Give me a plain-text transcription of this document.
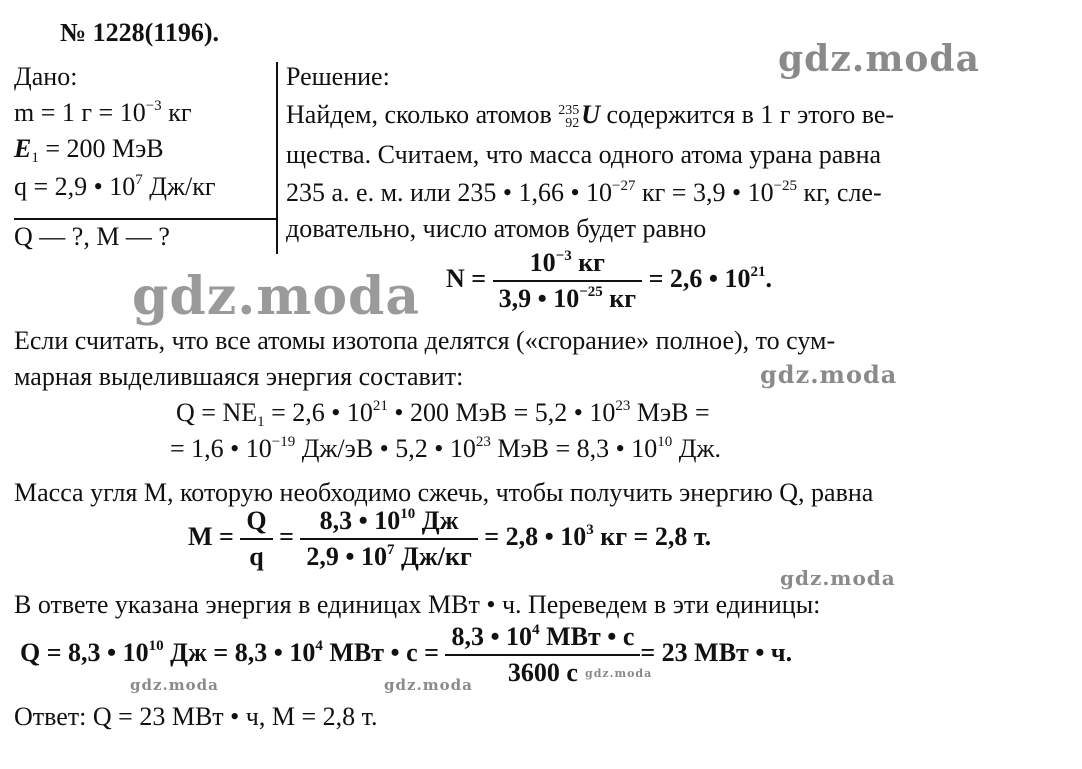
gdz.moda
gdz.moda
gdz.moda
gdz.moda
gdz.moda	gdz.moda
gdz.moda
№ 1228(1196).
Дано:
m = 1 $г = 10^{-3}$ кг
$E_1 = 200$ МэВ
q = 2,9 • $10^7$ Дж/кг
Q — ?, M — ?
Решение:
Найдем, сколько атомов 235
92 U содержится в 1 г этого ве-
щества. Считаем, что масса одного атома урана равна
235 а. е. м. или 235 • 1,66 • $10^{-27}$ кг = 3,9 • $10^{-25}$ кг, сле-
довательно, число атомов будет равно
$N = \frac{10^{-3} кг}{3,9 • 10^{-25} кг} = 2,6$ • $10^{21}$.
Если считать, что все атомы изотопа делятся («сгорание» полное), то сум-
марная выделившаяся энергия составит:
$Q = NE_1 = 2,6$ • $10^{21}$ • 200 МэВ = 5,2 • $10^{23}$ МэВ =
= 1,6 • $10^{-19}$ Дж/эВ • 5,2 • $10^{23}$ МэВ = 8,3 • $10^{10}$ Дж.
Масса угля M, которую необходимо сжечь, чтобы получить энергию Q, равна
$M = \frac{Q}{q} = \frac{8,3 • 10^{10} Дж}{2,9 • 10^7 Дж/кг} = 2,8$ • $10^3$ кг = 2,8 т.
В ответе указана энергия в единицах МВт • ч. Переведем в эти единицы:
Q = 8,3 • $10^{10}$ Дж = 8,3 • $10^4$ МВт • $с = \frac{8,3 • 10^4 МВт • с}{3600 с} = 23$ МВт • ч.
Ответ: Q = 23 МВт • ч, M = 2,8 т.
